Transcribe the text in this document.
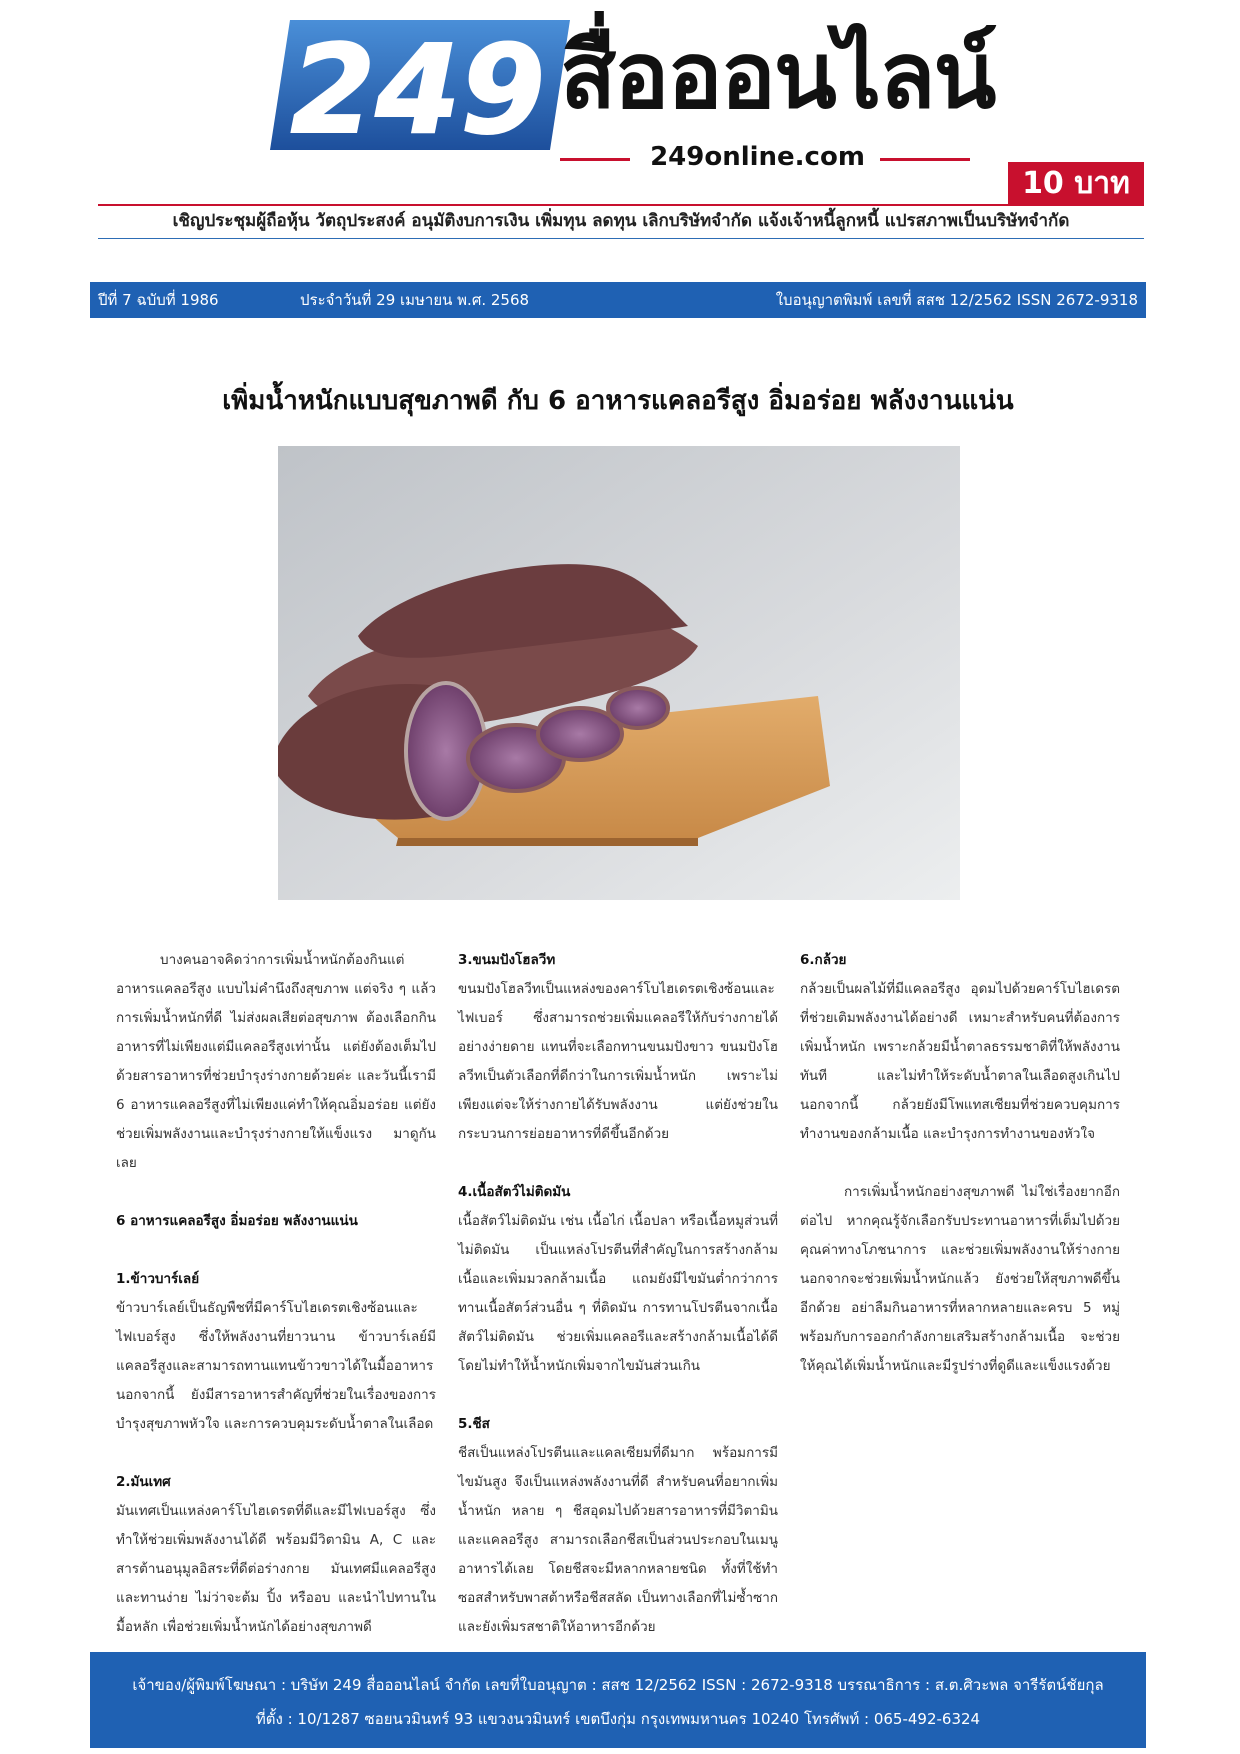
249 สื่อออนไลน์
249online.com
10 บาท
เชิญประชุมผู้ถือหุ้น วัตถุประสงค์ อนุมัติงบการเงิน เพิ่มทุน ลดทุน เลิกบริษัทจำกัด แจ้งเจ้าหนี้ลูกหนี้ แปรสภาพเป็นบริษัทจำกัด
ปีที่ 7 ฉบับที่ 1986	ประจำวันที่ 29 เมษายน พ.ศ. 2568	ใบอนุญาตพิมพ์ เลขที่ สสช 12/2562 ISSN 2672-9318
เพิ่มน้ำหนักแบบสุขภาพดี กับ 6 อาหารแคลอรีสูง อิ่มอร่อย พลังงานแน่น

บางคนอาจคิดว่าการเพิ่มน้ำหนักต้องกินแต่อาหารแคลอรีสูง แบบไม่คำนึงถึงสุขภาพ แต่จริง ๆ แล้วการเพิ่มน้ำหนักที่ดี ไม่ส่งผลเสียต่อสุขภาพ ต้องเลือกกินอาหารที่ไม่เพียงแต่มีแคลอรีสูงเท่านั้น แต่ยังต้องเต็มไปด้วยสารอาหารที่ช่วยบำรุงร่างกายด้วยค่ะ และวันนี้เรามี 6 อาหารแคลอรีสูงที่ไม่เพียงแค่ทำให้คุณอิ่มอร่อย แต่ยังช่วยเพิ่มพลังงานและบำรุงร่างกายให้แข็งแรง มาดูกันเลย

6 อาหารแคลอรีสูง อิ่มอร่อย พลังงานแน่น

1.ข้าวบาร์เลย์

ข้าวบาร์เลย์เป็นธัญพืชที่มีคาร์โบไฮเดรตเชิงซ้อนและไฟเบอร์สูง ซึ่งให้พลังงานที่ยาวนาน ข้าวบาร์เลย์มีแคลอรีสูงและสามารถทานแทนข้าวขาวได้ในมื้ออาหาร นอกจากนี้ ยังมีสารอาหารสำคัญที่ช่วยในเรื่องของการบำรุงสุขภาพหัวใจ และการควบคุมระดับน้ำตาลในเลือด

2.มันเทศ

มันเทศเป็นแหล่งคาร์โบไฮเดรตที่ดีและมีไฟเบอร์สูง ซึ่งทำให้ช่วยเพิ่มพลังงานได้ดี พร้อมมีวิตามิน A, C และสารต้านอนุมูลอิสระที่ดีต่อร่างกาย มันเทศมีแคลอรีสูงและทานง่าย ไม่ว่าจะต้ม ปิ้ง หรืออบ และนำไปทานในมื้อหลัก เพื่อช่วยเพิ่มน้ำหนักได้อย่างสุขภาพดี

3.ขนมปังโฮลวีท

ขนมปังโฮลวีทเป็นแหล่งของคาร์โบไฮเดรตเชิงซ้อนและไฟเบอร์ ซึ่งสามารถช่วยเพิ่มแคลอรีให้กับร่างกายได้อย่างง่ายดาย แทนที่จะเลือกทานขนมปังขาว ขนมปังโฮลวีทเป็นตัวเลือกที่ดีกว่าในการเพิ่มน้ำหนัก เพราะไม่เพียงแต่จะให้ร่างกายได้รับพลังงาน แต่ยังช่วยในกระบวนการย่อยอาหารที่ดีขึ้นอีกด้วย

4.เนื้อสัตว์ไม่ติดมัน

เนื้อสัตว์ไม่ติดมัน เช่น เนื้อไก่ เนื้อปลา หรือเนื้อหมูส่วนที่ไม่ติดมัน เป็นแหล่งโปรตีนที่สำคัญในการสร้างกล้ามเนื้อและเพิ่มมวลกล้ามเนื้อ แถมยังมีไขมันต่ำกว่าการทานเนื้อสัตว์ส่วนอื่น ๆ ที่ติดมัน การทานโปรตีนจากเนื้อสัตว์ไม่ติดมัน ช่วยเพิ่มแคลอรีและสร้างกล้ามเนื้อได้ดี โดยไม่ทำให้น้ำหนักเพิ่มจากไขมันส่วนเกิน

5.ชีส

ชีสเป็นแหล่งโปรตีนและแคลเซียมที่ดีมาก พร้อมการมีไขมันสูง จึงเป็นแหล่งพลังงานที่ดี สำหรับคนที่อยากเพิ่มน้ำหนัก หลาย ๆ ชีสอุดมไปด้วยสารอาหารที่มีวิตามินและแคลอรีสูง สามารถเลือกชีสเป็นส่วนประกอบในเมนูอาหารได้เลย โดยชีสจะมีหลากหลายชนิด ทั้งที่ใช้ทำซอสสำหรับพาสต้าหรือชีสสลัด เป็นทางเลือกที่ไม่ซ้ำซากและยังเพิ่มรสชาติให้อาหารอีกด้วย

6.กล้วย

กล้วยเป็นผลไม้ที่มีแคลอรีสูง อุดมไปด้วยคาร์โบไฮเดรตที่ช่วยเติมพลังงานได้อย่างดี เหมาะสำหรับคนที่ต้องการเพิ่มน้ำหนัก เพราะกล้วยมีน้ำตาลธรรมชาติที่ให้พลังงานทันที และไม่ทำให้ระดับน้ำตาลในเลือดสูงเกินไป นอกจากนี้ กล้วยยังมีโพแทสเซียมที่ช่วยควบคุมการทำงานของกล้ามเนื้อ และบำรุงการทำงานของหัวใจ

การเพิ่มน้ำหนักอย่างสุขภาพดี ไม่ใช่เรื่องยากอีกต่อไป หากคุณรู้จักเลือกรับประทานอาหารที่เต็มไปด้วยคุณค่าทางโภชนาการ และช่วยเพิ่มพลังงานให้ร่างกาย นอกจากจะช่วยเพิ่มน้ำหนักแล้ว ยังช่วยให้สุขภาพดีขึ้นอีกด้วย อย่าลืมกินอาหารที่หลากหลายและครบ 5 หมู่ พร้อมกับการออกกำลังกายเสริมสร้างกล้ามเนื้อ จะช่วยให้คุณได้เพิ่มน้ำหนักและมีรูปร่างที่ดูดีและแข็งแรงด้วย

เจ้าของ/ผู้พิมพ์โฆษณา : บริษัท 249 สื่อออนไลน์ จำกัด เลขที่ใบอนุญาต : สสช 12/2562 ISSN : 2672-9318 บรรณาธิการ : ส.ต.ศิวะพล จารีรัตน์ชัยกุล
ที่ตั้ง : 10/1287 ซอยนวมินทร์ 93 แขวงนวมินทร์ เขตบึงกุ่ม กรุงเทพมหานคร 10240 โทรศัพท์ : 065-492-6324
